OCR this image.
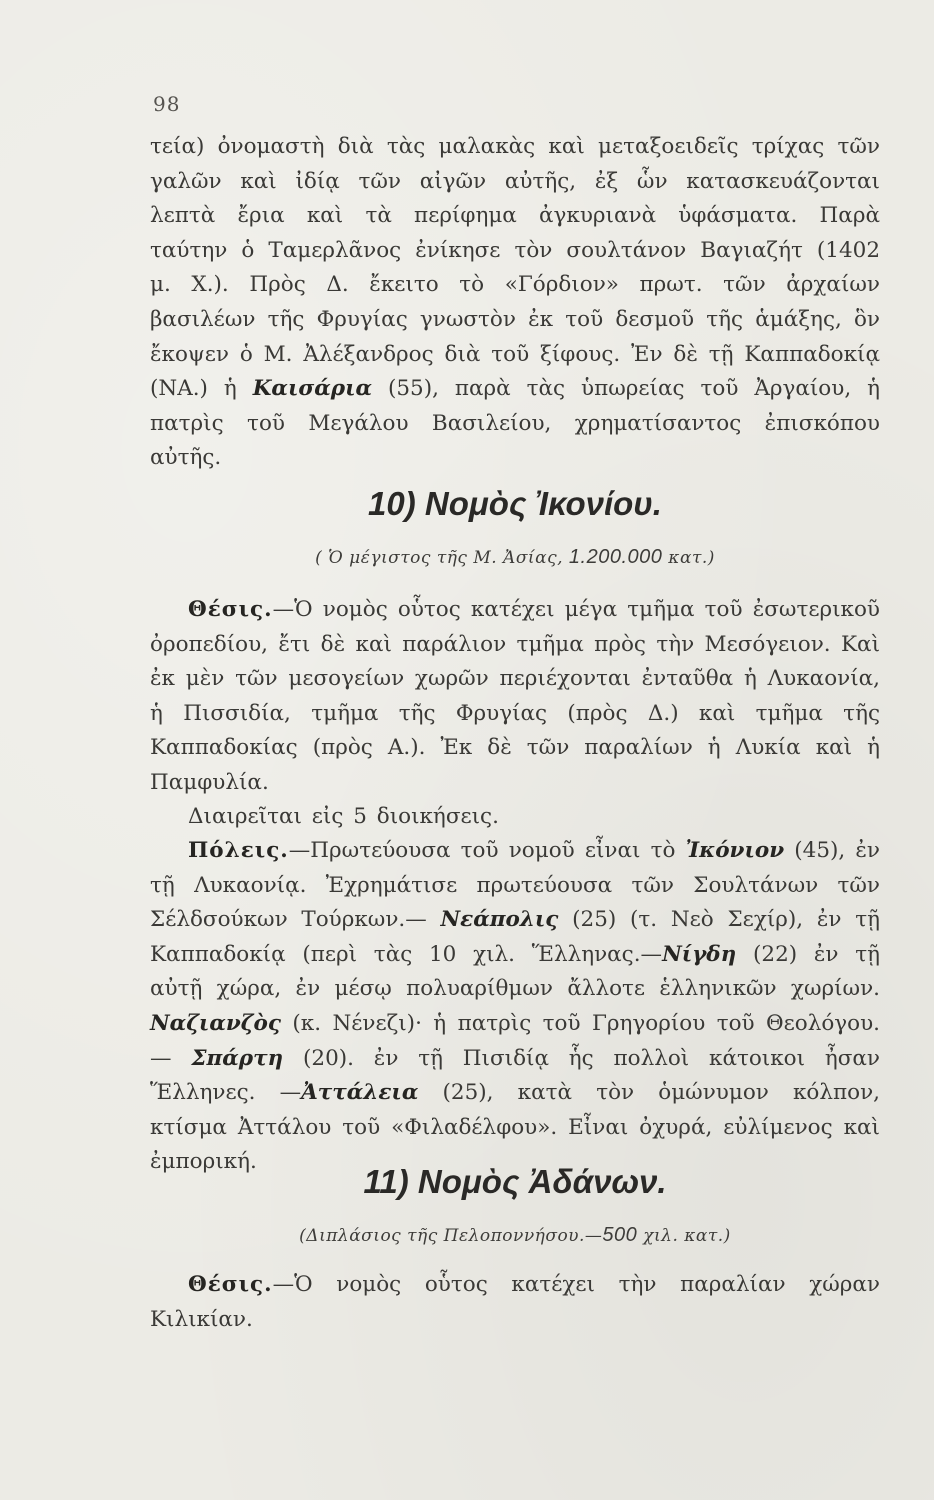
98

τεία) ὀνομαστὴ διὰ τὰς μαλακὰς καὶ μεταξοειδεῖς τρίχας τῶν γαλῶν καὶ ἰδίᾳ τῶν αἰγῶν αὐτῆς, ἐξ ὧν κατασκευάζονται λεπτὰ ἔρια καὶ τὰ περίφημα ἀγκυριανὰ ὑφάσματα. Παρὰ ταύτην ὁ Ταμερλᾶνος ἐνίκησε τὸν σουλτάνον Βαγιαζήτ (1402 μ. Χ.). Πρὸς Δ. ἔκειτο τὸ «Γόρδιον» πρωτ. τῶν ἀρχαίων βασιλέων τῆς Φρυγίας γνωστὸν ἐκ τοῦ δεσμοῦ τῆς ἁμάξης, ὃν ἔκοψεν ὁ Μ. Ἀλέξανδρος διὰ τοῦ ξίφους. Ἐν δὲ τῇ Καππαδοκίᾳ (ΝΑ.) ἡ Καισάρια (55), παρὰ τὰς ὑπωρείας τοῦ Ἀργαίου, ἡ πατρὶς τοῦ Μεγάλου Βασιλείου, χρηματίσαντος ἐπισκόπου αὐτῆς.

10) Νομὸς Ἰκονίου.

( Ὁ μέγιστος τῆς Μ. Ἀσίας, 1.200.000 κατ.)

Θέσις.—Ὁ νομὸς οὗτος κατέχει μέγα τμῆμα τοῦ ἐσωτερικοῦ ὀροπεδίου, ἔτι δὲ καὶ παράλιον τμῆμα πρὸς τὴν Μεσόγειον. Καὶ ἐκ μὲν τῶν μεσογείων χωρῶν περιέχονται ἐνταῦθα ἡ Λυκαονία, ἡ Πισσιδία, τμῆμα τῆς Φρυγίας (πρὸς Δ.) καὶ τμῆμα τῆς Καππαδοκίας (πρὸς Α.). Ἐκ δὲ τῶν παραλίων ἡ Λυκία καὶ ἡ Παμφυλία.

Διαιρεῖται εἰς 5 διοικήσεις.

Πόλεις.—Πρωτεύουσα τοῦ νομοῦ εἶναι τὸ Ἰκόνιον (45), ἐν τῇ Λυκαονίᾳ. Ἐχρημάτισε πρωτεύουσα τῶν Σουλτάνων τῶν Σέλδσούκων Τούρκων.— Νεάπολις (25) (τ. Νεὸ Σεχίρ), ἐν τῇ Καππαδοκίᾳ (περὶ τὰς 10 χιλ. Ἕλληνας.—Νίγδη (22) ἐν τῇ αὐτῇ χώρα, ἐν μέσῳ πολυαρίθμων ἄλλοτε ἑλληνικῶν χωρίων. Ναζιανζὸς (κ. Νένεζι)· ἡ πατρὶς τοῦ Γρηγορίου τοῦ Θεολόγου.— Σπάρτη (20). ἐν τῇ Πισιδίᾳ ἧς πολλοὶ κάτοικοι ἦσαν Ἕλληνες. —Ἀττάλεια (25), κατὰ τὸν ὁμώνυμον κόλπον, κτίσμα Ἀττάλου τοῦ «Φιλαδέλφου». Εἶναι ὀχυρά, εὐλίμενος καὶ ἐμπορική.

11) Νομὸς Ἀδάνων.

(Διπλάσιος τῆς Πελοποννήσου.—500 χιλ. κατ.)

Θέσις.—Ὁ νομὸς οὗτος κατέχει τὴν παραλίαν χώραν Κιλικίαν.
